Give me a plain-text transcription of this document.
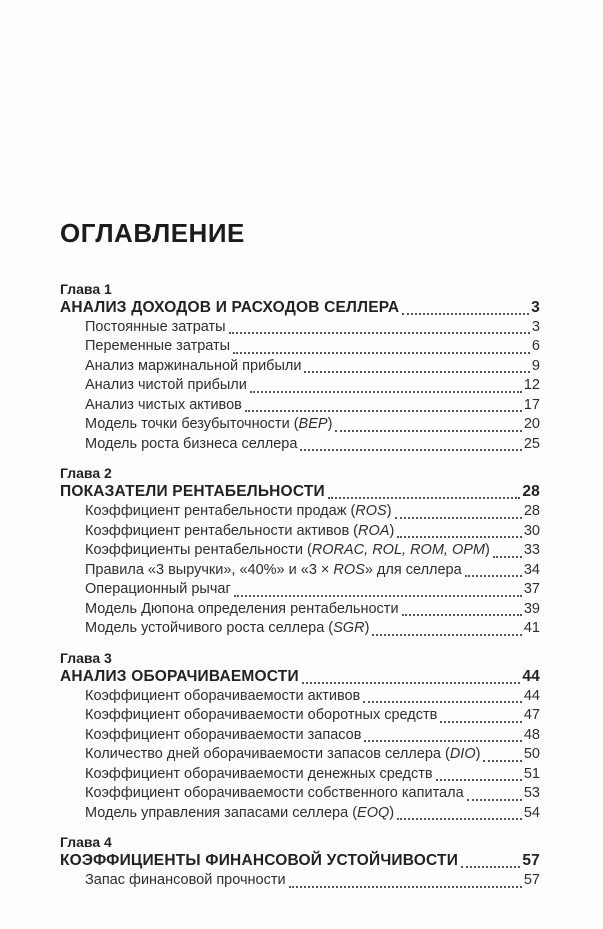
ОГЛАВЛЕНИЕ
Глава 1
АНАЛИЗ ДОХОДОВ И РАСХОДОВ СЕЛЛЕРА	3
Постоянные затраты	3
Переменные затраты	6
Анализ маржинальной прибыли	9
Анализ чистой прибыли	12
Анализ чистых активов	17
Модель точки безубыточности (BEP)	20
Модель роста бизнеса селлера	25
Глава 2
ПОКАЗАТЕЛИ РЕНТАБЕЛЬНОСТИ	28
Коэффициент рентабельности продаж (ROS)	28
Коэффициент рентабельности активов (ROA)	30
Коэффициенты рентабельности (RORAC, ROL, ROM, OPM) 33
Правила «3 выручки», «40%» и «3 × ROS» для селлера	34
Операционный рычаг	37
Модель Дюпона определения рентабельности	39
Модель устойчивого роста селлера (SGR)	41
Глава 3
АНАЛИЗ ОБОРАЧИВАЕМОСТИ	44
Коэффициент оборачиваемости активов	44
Коэффициент оборачиваемости оборотных средств	47
Коэффициент оборачиваемости запасов	48
Количество дней оборачиваемости запасов селлера (DIO)	50
Коэффициент оборачиваемости денежных средств	51
Коэффициент оборачиваемости собственного капитала	53
Модель управления запасами селлера (EOQ)	54
Глава 4
КОЭФФИЦИЕНТЫ ФИНАНСОВОЙ УСТОЙЧИВОСТИ	57
Запас финансовой прочности	57
